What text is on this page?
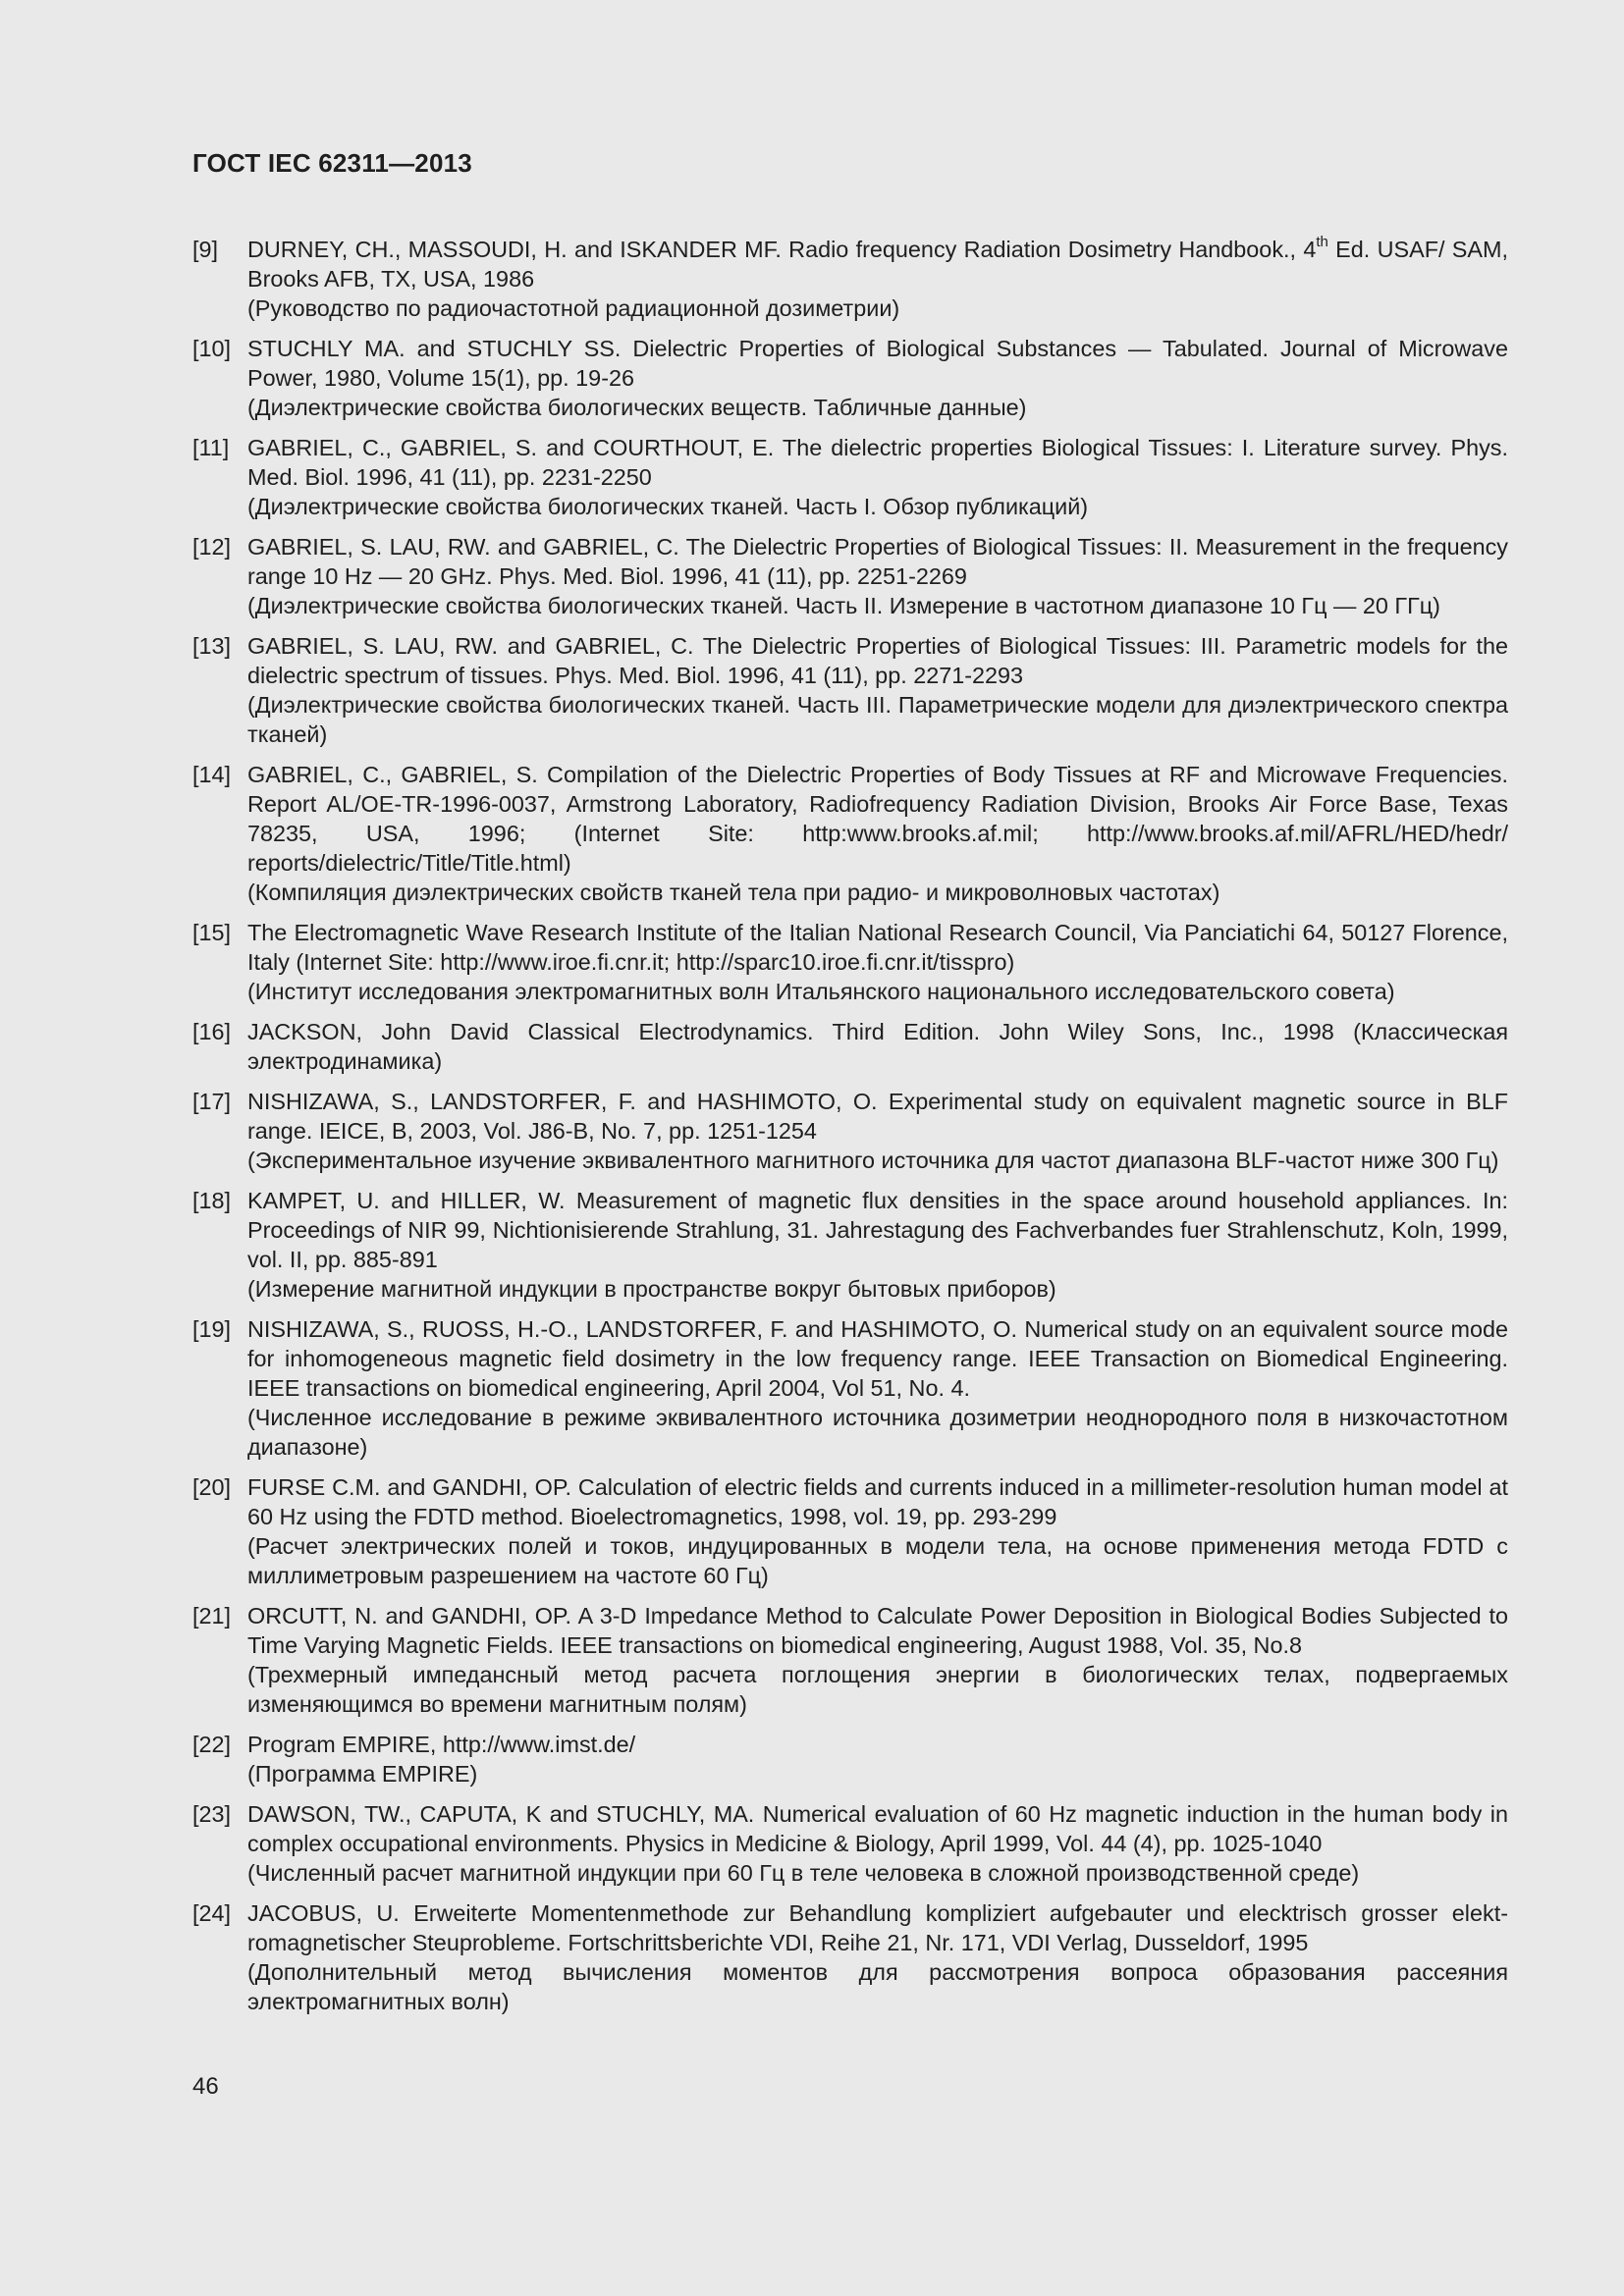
ГОСТ IEC 62311—2013
[9]	DURNEY, CH., MASSOUDI, H. and ISKANDER MF. Radio frequency Radiation Dosimetry Handbook., 4th Ed. USAF/ SAM, Brooks AFB, TX, USA, 1986

(Руководство по радиочастотной радиационной дозиметрии)

[10] STUCHLY MA. and STUCHLY SS. Dielectric Properties of Biological Substances — Tabulated. Journal of Microwave Power, 1980, Volume 15(1), pp. 19-26

(Диэлектрические свойства биологических веществ. Табличные данные)

[11] GABRIEL, C., GABRIEL, S. and COURTHOUT, E. The dielectric properties Biological Tissues: I. Literature survey. Phys. Med. Biol. 1996, 41 (11), pp. 2231-2250

(Диэлектрические свойства биологических тканей. Часть I. Обзор публикаций)

[12] GABRIEL, S. LAU, RW. and GABRIEL, C. The Dielectric Properties of Biological Tissues: II. Measurement in the frequency range 10 Hz — 20 GHz. Phys. Med. Biol. 1996, 41 (11), pp. 2251-2269

(Диэлектрические свойства биологических тканей. Часть II. Измерение в частотном диапазоне 10 Гц — 20 ГГц)

[13] GABRIEL, S. LAU, RW. and GABRIEL, C. The Dielectric Properties of Biological Tissues: III. Parametric models for the dielectric spectrum of tissues. Phys. Med. Biol. 1996, 41 (11), pp. 2271-2293

(Диэлектрические свойства биологических тканей. Часть III. Параметрические модели для диэлектрического спектра тканей)

[14] GABRIEL, C., GABRIEL, S. Compilation of the Dielectric Properties of Body Tissues at RF and Microwave Frequencies. Report AL/OE-TR-1996-0037, Armstrong Laboratory, Radiofrequency Radiation Division, Brooks Air Force Base, Texas 78235, USA, 1996; (Internet Site: http:www.brooks.af.mil; http://www.brooks.af.mil/AFRL/HED/hedr/ reports/dielectric/Title/Title.html)

(Компиляция диэлектрических свойств тканей тела при радио- и микроволновых частотах)

[15] The Electromagnetic Wave Research Institute of the Italian National Research Council, Via Panciatichi 64, 50127 Florence, Italy (Internet Site: http://www.iroe.fi.cnr.it; http://sparc10.iroe.fi.cnr.it/tisspro)

(Институт исследования электромагнитных волн Итальянского национального исследовательского совета)

[16] JACKSON, John David Classical Electrodynamics. Third Edition. John Wiley Sons, Inc., 1998 (Классическая электродинамика)

[17] NISHIZAWA, S., LANDSTORFER, F. and HASHIMOTO, O. Experimental study on equivalent magnetic source in BLF range. IEICE, B, 2003, Vol. J86-B, No. 7, pp. 1251-1254

(Экспериментальное изучение эквивалентного магнитного источника для частот диапазона BLF-частот ниже 300 Гц)

[18] KAMPET, U. and HILLER, W. Measurement of magnetic flux densities in the space around household appliances. In: Proceedings of NIR 99, Nichtionisierende Strahlung, 31. Jahrestagung des Fachverbandes fuer Strahlenschutz, Koln, 1999, vol. II, pp. 885-891

(Измерение магнитной индукции в пространстве вокруг бытовых приборов)

[19] NISHIZAWA, S., RUOSS, H.-O., LANDSTORFER, F. and HASHIMOTO, O. Numerical study on an equivalent source mode for inhomogeneous magnetic field dosimetry in the low frequency range. IEEE Transaction on Biomedical Engineering. IEEE transactions on biomedical engineering, April 2004, Vol 51, No. 4.

(Численное исследование в режиме эквивалентного источника дозиметрии неоднородного поля в низкочастотном диапазоне)

[20] FURSE C.M. and GANDHI, OP. Calculation of electric fields and currents induced in a millimeter-resolution human model at 60 Hz using the FDTD method. Bioelectromagnetics, 1998, vol. 19, pp. 293-299

(Расчет электрических полей и токов, индуцированных в модели тела, на основе применения метода FDTD с миллиметровым разрешением на частоте 60 Гц)

[21] ORCUTT, N. and GANDHI, OP. A 3-D Impedance Method to Calculate Power Deposition in Biological Bodies Subjected to Time Varying Magnetic Fields. IEEE transactions on biomedical engineering, August 1988, Vol. 35, No.8

(Трехмерный импедансный метод расчета поглощения энергии в биологических телах, подвергаемых изменяющимся во времени магнитным полям)

[22] Program EMPIRE, http://www.imst.de/

(Программа EMPIRE)

[23] DAWSON, TW., CAPUTA, K and STUCHLY, MA. Numerical evaluation of 60 Hz magnetic induction in the human body in complex occupational environments. Physics in Medicine & Biology, April 1999, Vol. 44 (4), pp. 1025-1040

(Численный расчет магнитной индукции при 60 Гц в теле человека в сложной производственной среде)

[24] JACOBUS, U. Erweiterte Momentenmethode zur Behandlung kompliziert aufgebauter und elecktrisch grosser elektromagnetischer Steuprobleme. Fortschrittsberichte VDI, Reihe 21, Nr. 171, VDI Verlag, Dusseldorf, 1995

(Дополнительный метод вычисления моментов для рассмотрения вопроса образования рассеяния электромагнитных волн)

46
